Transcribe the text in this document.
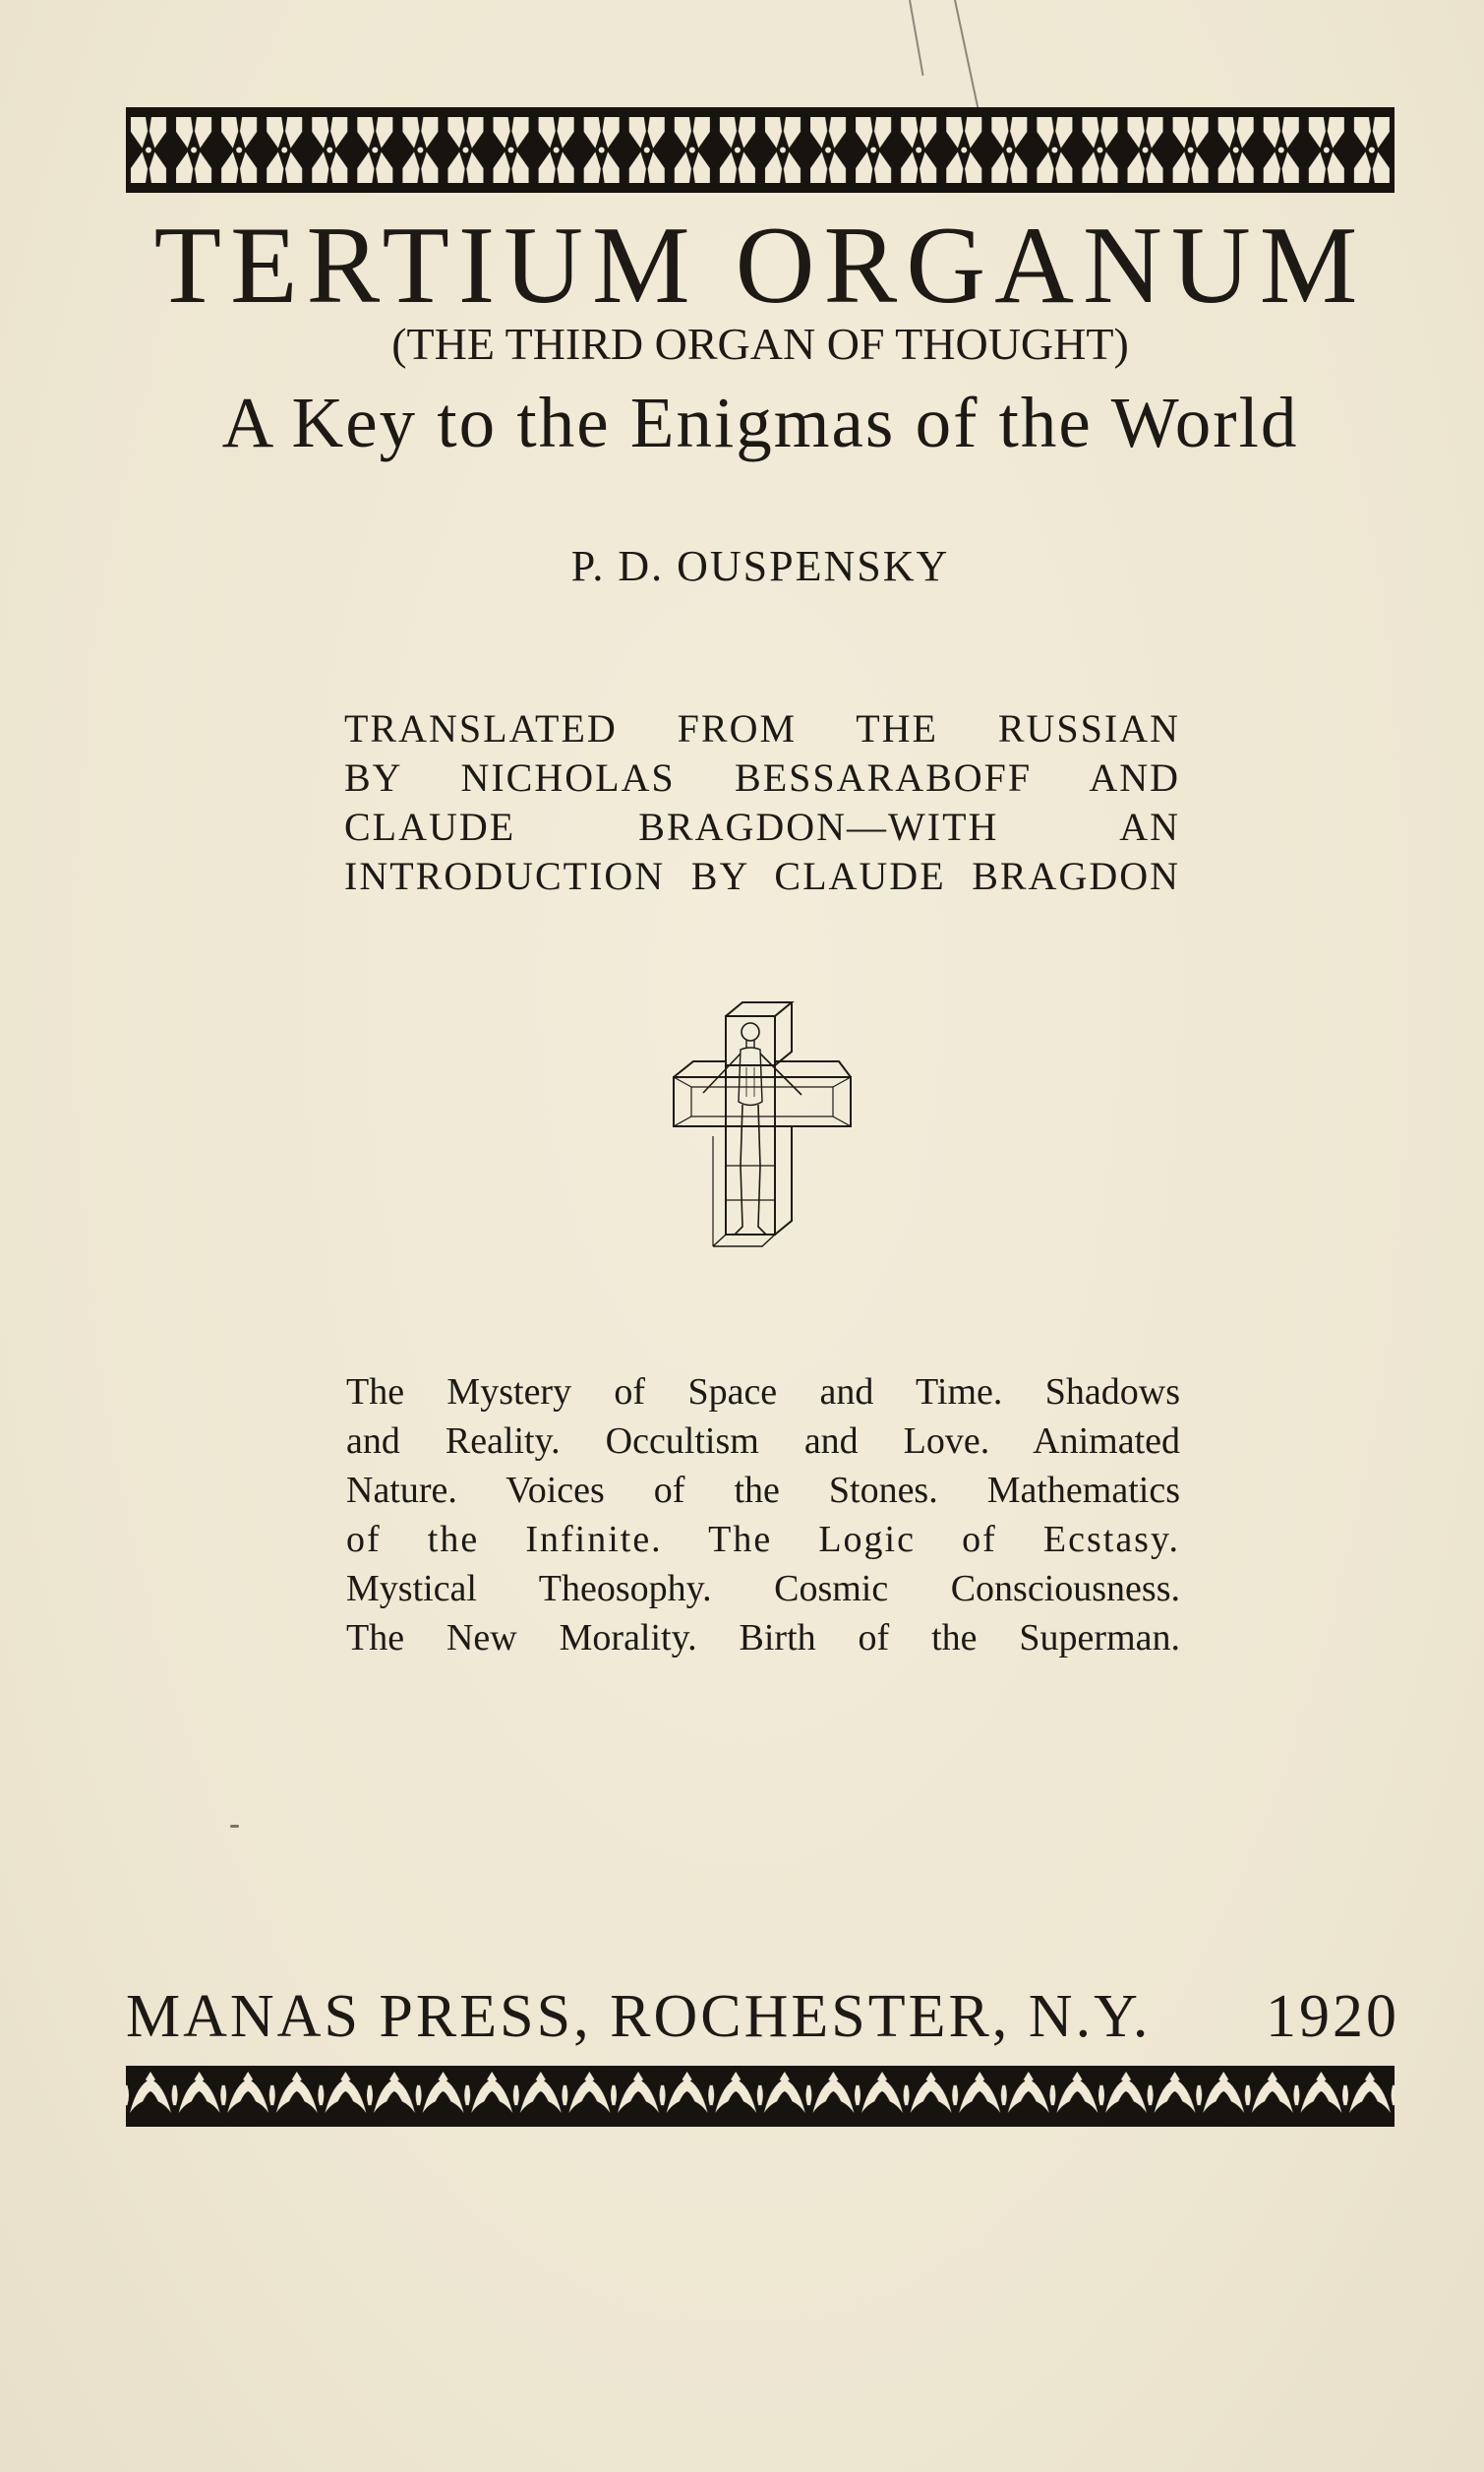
TERTIUM ORGANUM
(THE THIRD ORGAN OF THOUGHT)
A Key to the Enigmas of the World
P. D. OUSPENSKY
TRANSLATED FROM THE RUSSIAN
BY NICHOLAS BESSARABOFF AND
CLAUDE BRAGDON—WITH AN
INTRODUCTION BY CLAUDE BRAGDON
The Mystery of Space and Time. Shadows
and Reality. Occultism and Love. Animated
Nature. Voices of the Stones. Mathematics
of the Infinite. The Logic of Ecstasy.
Mystical Theosophy. Cosmic Consciousness.
The New Morality. Birth of the Superman.
MANAS PRESS, ROCHESTER, N.Y. 1920
